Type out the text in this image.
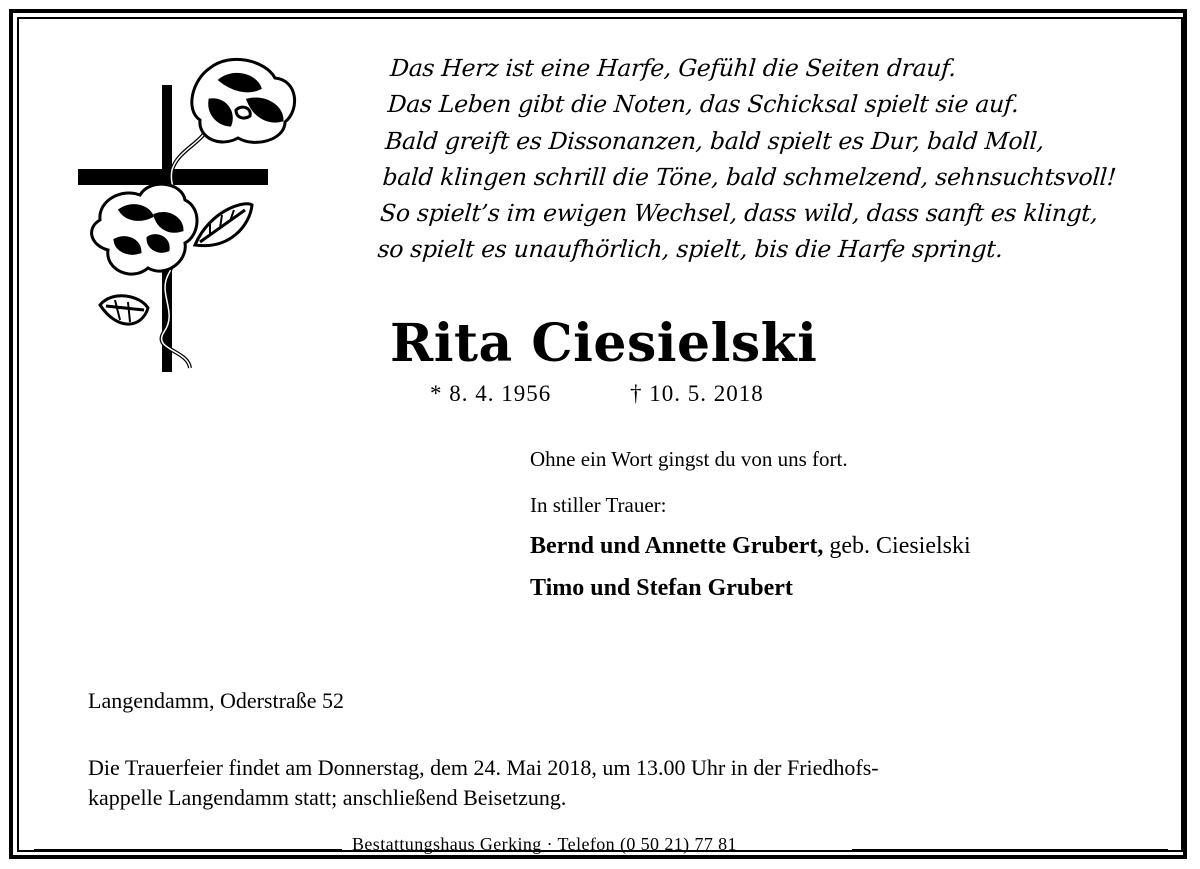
Das Herz ist eine Harfe, Gefühl die Seiten drauf.
Das Leben gibt die Noten, das Schicksal spielt sie auf.
Bald greift es Dissonanzen, bald spielt es Dur, bald Moll,
bald klingen schrill die Töne, bald schmelzend, sehnsuchtsvoll!
So spielt’s im ewigen Wechsel, dass wild, dass sanft es klingt,
so spielt es unaufhörlich, spielt, bis die Harfe springt.
Rita Ciesielski
* 8. 4. 1956	† 10. 5. 2018
Ohne ein Wort gingst du von uns fort.
In stiller Trauer:
Bernd und Annette Grubert, geb. Ciesielski
Timo und Stefan Grubert
Langendamm, Oderstraße 52
Die Trauerfeier findet am Donnerstag, dem 24. Mai 2018, um 13.00 Uhr in der Friedhofs-
kappelle Langendamm statt; anschließend Beisetzung.
Bestattungshaus Gerking · Telefon (0 50 21) 77 81
